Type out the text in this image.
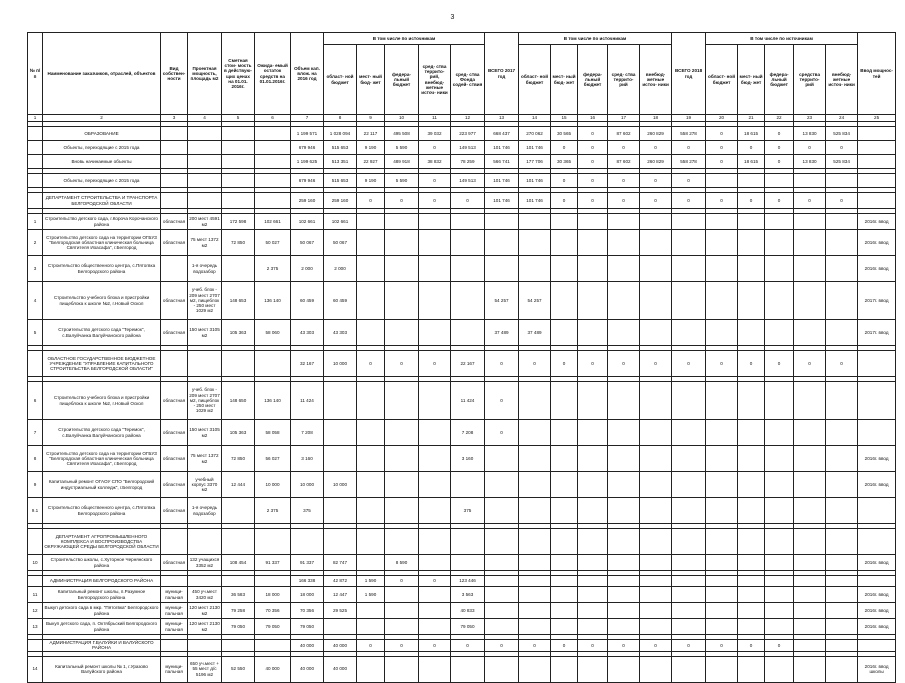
3
№ п/п	Наименование заказчиков, отраслей, объектов	Вид собствен- ности	Проектная мощность, площадь м2	Сметная стои- мость в действую- щих ценах на 01.01. 2016г.	Ожида- емый остаток средств на 01.01.2016г.	Объем кап. влож. на 2016 год	В том числе по источникам					ВСЕГО 2017 год	В том числе по источникам					ВСЕГО 2018 год	В том числе по источникам					Ввод мощнос- тей
							област- ной бюджет	мест- ный бюд- жет	федера- льный бюджет	сред- ства террито- рий, внебюд- жетные источ- ники	сред- ства Фонда содей- ствия		област- ной бюджет	мест- ный бюд- жет	федера- льный бюджет	сред- ства террито- рий	внебюд- жетные источ- ники		област- ной бюджет	мест- ный бюд- жет	федера- льный бюджет	средства террито- рий	внебюд- жетные источ- ники	
1	2	3	4	5	6	7	8	9	10	11	12	13	14	15	16	17	18	19	20	21	22	23	24	25

	ОБРАЗОВАНИЕ					1 199 571	1 028 094	22 117	495 508	39 032	223 977	668 437	270 062	30 565	0	87 602	260 829	558 278	0	18 615	0	13 830	525 834	
	Объекты, переходящие с 2015 года					679 946	515 653	9 190	5 590	0	149 513	101 746	101 746	0	0	0	0	0	0	0	0	0	0	
	Вновь начинаемые объекты					1 199 625	513 351	22 927	489 918	38 832	78 259	566 741	177 706	30 365	0	87 602	260 829	558 278	0	18 615	0	13 830	525 834	

	Объекты, переходящие с 2015 года					679 946	515 653	9 190	5 590	0	149 513	101 746	101 746	0	0	0	0	0						

	ДЕПАРТАМЕНТ СТРОИТЕЛЬСТВА И ТРАНСПОРТА БЕЛГОРОДСКОЙ ОБЛАСТИ					259 160	259 160	0	0	0	0	101 746	101 746	0	0	0	0	0	0	0	0	0	0	

1	Строительство детского сада, г.Короча Корочанского района	областная	200 мест 4591 м2	172 598	102 661	102 661	102 661																	2016г. ввод
2	Строительство детского сада на территории ОГБУЗ "Белгородская областная клиническая больница Святителя Иоасафа", г.Белгород	областная	75 мест 1372 м2	72 850	50 027	50 067	50 067																	2016г. ввод
3	Строительство общественного центра, с.Пятогвка Белгородского района		1-я очередь водозабор		2 375	2 000	2 000																	2016г. ввод
4	Строительство учебного блока и пристройки пищеблока к школе №2, г.Новый Оскол	областная	учеб. блок - 209 мест 2707 м2, пищеблок - 250 мест 1029 м2	148 653	136 140	60 459	60 459					54 257	54 257											2017г. ввод
5	Строительство детского сада "Теремок", с.Валуйчанка Валуйчанского района	областная	150 мест 3105 м2	105 363	58 060	43 303	43 303					37 489	37 489											2017г. ввод

	ОБЛАСТНОЕ ГОСУДАРСТВЕННОЕ БЮДЖЕТНОЕ УЧРЕЖДЕНИЕ "УПРАВЛЕНИЕ КАПИТАЛЬНОГО СТРОИТЕЛЬСТВА БЕЛГОРОДСКОЙ ОБЛАСТИ"					32 167	10 000	0	0	0	22 167	0	0	0	0	0	0	0	0	0	0	0	0	

6	Строительство учебного блока и пристройки пищеблока к школе №2, г.Новый Оскол	областная	учеб. блок - 209 мест 2707 м2, пищеблок - 250 мест 1029 м2	148 650	136 140	11 424					11 424	0												
7	Строительство детского сада "Теремок", с.Валуйчанка Валуйчанского района	областная	150 мест 3105 м2	105 363	58 058	7 208					7 208	0												
8	Строительство детского сада на территории ОГБУЗ "Белгородская областная клиническая больница Святителя Иоасафа", г.Белгород	областная	75 мест 1372 м2	72 850	56 027	3 160					3 160													2016г. ввод
9	Капитальный ремонт ОГАОУ СПО "Белгородский индустриальный колледж", г.Белгород	областная	учебный корпус 3370 м2	12 444	10 000	10 000	10 000																	2016г. ввод
9.1	Строительство общественного центра, с.Пятогвка Белгородского района	областная	1-я очередь водозабор		2 375	375					375													

	ДЕПАРТАМЕНТ АГРОПРОМЫШЛЕННОГО КОМПЛЕКСА И ВОСПРОИЗВОДСТВА ОКРУЖАЮЩЕЙ СРЕДЫ БЕЛГОРОДСКОЙ ОБЛАСТИ																							
10	Строительство школы, с.Хуторное Чернянского района	областная	132 учащихся 3352 м2	108 454	91 337	91 337	82 747		8 590															2016г. ввод

	АДМИНИСТРАЦИЯ БЕЛГОРОДСКОГО РАЙОНА					166 338	42 872	1 590	0	0	123 446													
11	Капитальный ремонт школы, п.Разумное Белгородского района	муници- пальная	450 уч.мест 3420 м2	36 583	18 000	18 000	12 447	1 590			3 563													2016г. ввод
12	Выкуп детского сада в мкр. "Пятогвка" Белгородского района	муници- пальная	120 мест 2130 м2	79 258	70 356	70 356	29 525				40 833													2016г. ввод
13	Выкуп детского сада, п. Октябрьский Белгородского района	муници- пальная	120 мест 2130 м2	79 050	79 050	79 050					79 050													2016г. ввод

	АДМИНИСТРАЦИЯ Г.ВАЛУЙКИ И ВАЛУЙСКОГО РАЙОНА					40 000	40 000	0	0	0	0	0	0	0	0	0	0	0	0	0	0			

14	Капитальный ремонт школы № 1, г.Уразово Валуйского района	муници- пальная	650 уч.мест + 55 мест д/с 5196 м2	52 550	40 000	40 000	40 000																	2016г. ввод школы
